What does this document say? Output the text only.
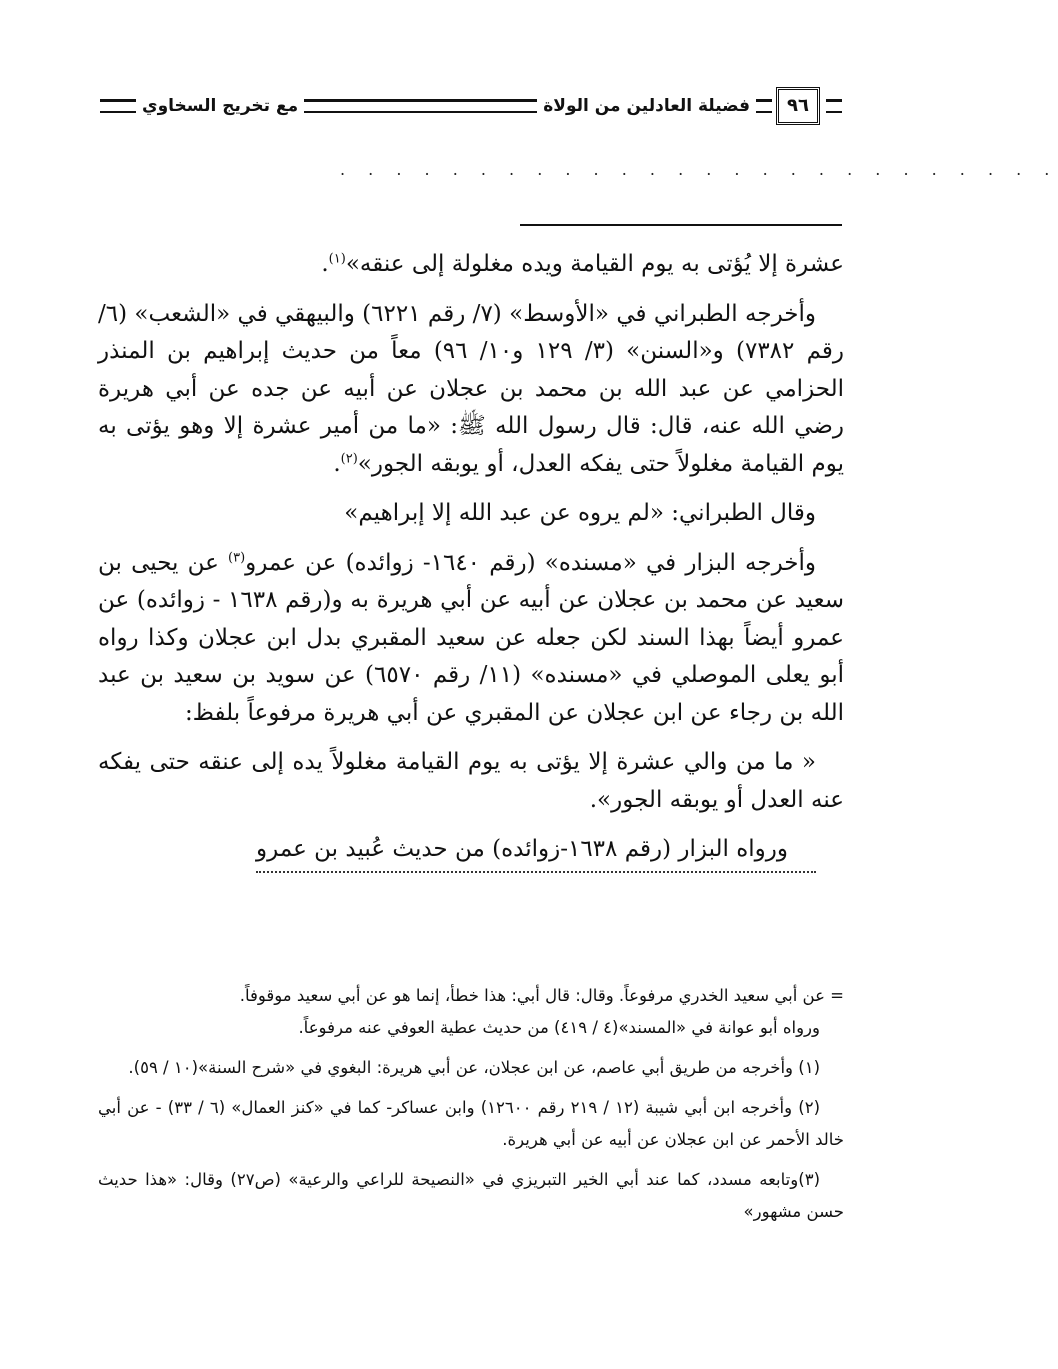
٩٦
فضيلة العادلين من الولاة
مع تخريج السخاوي
. . . . . . . . . . . . . . . . . . . . . . . . . .

عشرة إلا يُؤتى به يوم القيامة ويده مغلولة إلى عنقه»$^{(١)}$.

وأخرجه الطبراني في «الأوسط» (٧/ رقم ٦٢٢١) والبيهقي في «الشعب» (٦/ رقم ٧٣٨٢) و«السنن» (٣/ ١٢٩ و١٠/ ٩٦) معاً من حديث إبراهيم بن المنذر الحزامي عن عبد الله بن محمد بن عجلان عن أبيه عن جده عن أبي هريرة رضي الله عنه، قال: قال رسول الله ﷺ: «ما من أمير عشرة إلا وهو يؤتى به يوم القيامة مغلولاً حتى يفكه العدل، أو يوبقه الجور»$^{(٢)}$.

وقال الطبراني: «لم يروه عن عبد الله إلا إبراهيم»

وأخرجه البزار في «مسنده» (رقم ١٦٤٠- زوائده) عن عمرو$^{(٣)}$ عن يحيى بن سعيد عن محمد بن عجلان عن أبيه عن أبي هريرة به و(رقم ١٦٣٨ - زوائده) عن عمرو أيضاً بهذا السند لكن جعله عن سعيد المقبري بدل ابن عجلان وكذا رواه أبو يعلى الموصلي في «مسنده» (١١/ رقم ٦٥٧٠) عن سويد بن سعيد بن عبد الله بن رجاء عن ابن عجلان عن المقبري عن أبي هريرة مرفوعاً بلفظ:

« ما من والي عشرة إلا يؤتى به يوم القيامة مغلولاً يده إلى عنقه حتى يفكه عنه العدل أو يوبقه الجور».

ورواه البزار (رقم ١٦٣٨-زوائده) من حديث عُبيد بن عمرو

= عن أبي سعيد الخدري مرفوعاً. وقال: قال أبي: هذا خطأ، إنما هو عن أبي سعيد موقوفاً.

ورواه أبو عوانة في «المسند»(٤ / ٤١٩) من حديث عطية العوفي عنه مرفوعاً.

(١) وأخرجه من طريق أبي عاصم، عن ابن عجلان، عن أبي هريرة: البغوي في «شرح السنة»(١٠ / ٥٩).

(٢) وأخرجه ابن أبي شيبة (١٢ / ٢١٩ رقم ١٢٦٠٠) وابن عساكر- كما في «كنز العمال» (٦ / ٣٣) - عن أبي خالد الأحمر عن ابن عجلان عن أبيه عن أبي هريرة.

(٣)وتابعه مسدد، كما عند أبي الخير التبريزي في «النصيحة للراعي والرعية» (ص٢٧) وقال: «هذا حديث حسن مشهور»
